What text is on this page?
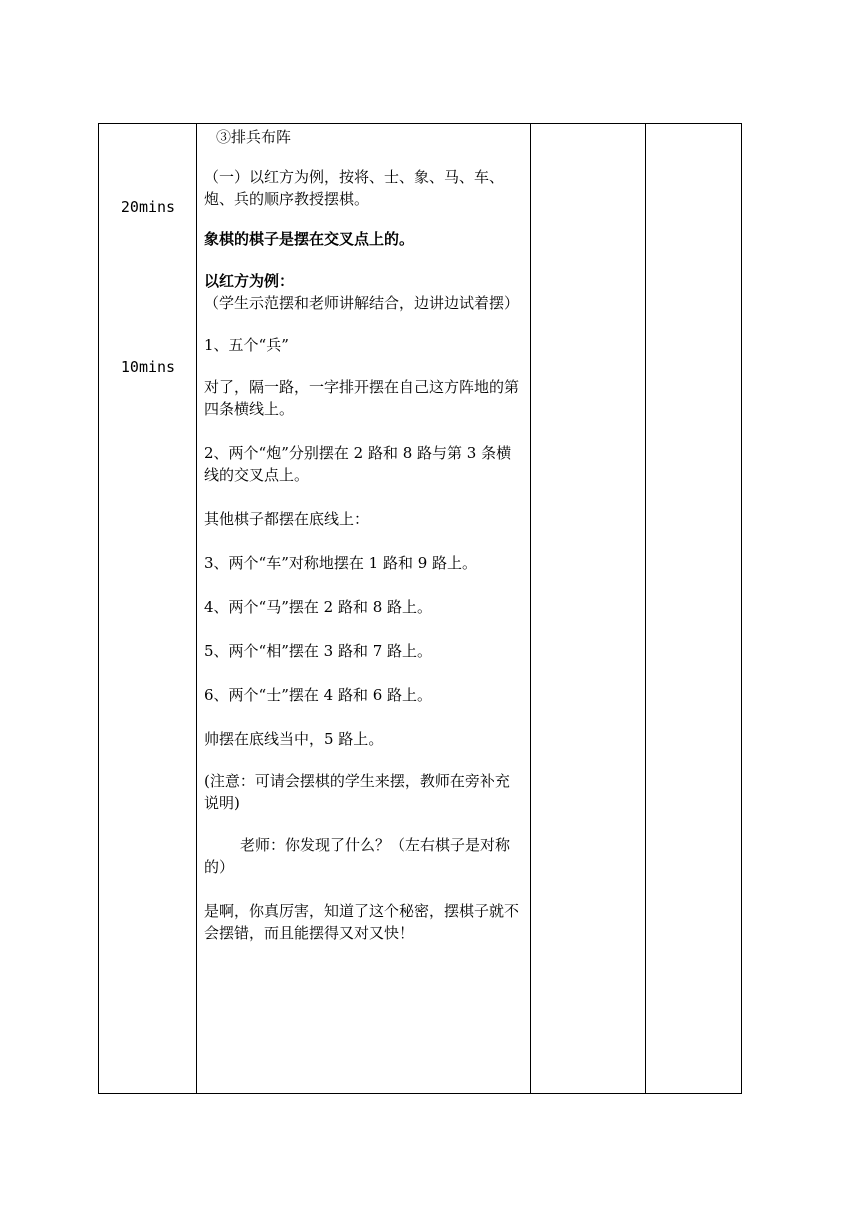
20mins
10mins

③排兵布阵

（一）以红方为例，按将、士、象、马、车、炮、兵的顺序教授摆棋。

象棋的棋子是摆在交叉点上的。

以红方为例：

（学生示范摆和老师讲解结合，边讲边试着摆）

1、五个“兵”

对了，隔一路，一字排开摆在自己这方阵地的第四条横线上。

2、两个“炮”分别摆在 2 路和 8 路与第 3 条横线的交叉点上。

其他棋子都摆在底线上：

3、两个“车”对称地摆在 1 路和 9 路上。

4、两个“马”摆在 2 路和 8 路上。

5、两个“相”摆在 3 路和 7 路上。

6、两个“士”摆在 4 路和 6 路上。

帅摆在底线当中，5 路上。

(注意：可请会摆棋的学生来摆，教师在旁补充说明)

老师：你发现了什么？（左右棋子是对称的）

是啊，你真厉害，知道了这个秘密，摆棋子就不会摆错，而且能摆得又对又快！
